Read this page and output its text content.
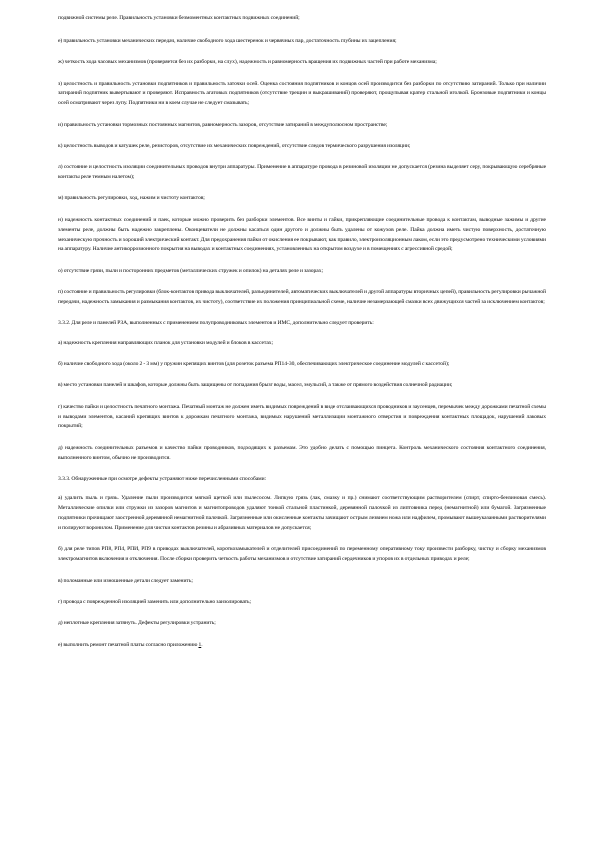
подвижной системы реле. Правильность установки безмоментных контактных подвижных соединений;

е) правильность установки механических передач, наличие свободного хода шестеренок и червячных пар, достаточность глубины их зацепления;

ж) четкость хода часовых механизмов (проверяется без их разборки, на слух), надежность и равномерность вращения их подвижных частей при работе механизма;

з) целостность и правильность установки подпятников и правильность заточки осей. Оценка состояния подпятников и концов осей производится без разборки по отсутствию затираний. Только при наличии затираний подпятник вывертывают и проверяют. Исправность агатовых подпятников (отсутствие трещин и выкрашиваний) проверяют, прощупывая кратер стальной иголкой. Бронзовые подпятники и концы осей осматривают через лупу. Подпятники ни в коем случае не следует смазывать;

и) правильность установки тормозных постоянных магнитов, равномерность зазоров, отсутствие затираний в междуполюсном пространстве;

к) целостность выводов и катушек реле, резисторов, отсутствие их механических повреждений, отсутствие следов термического разрушения изоляции;

л) состояние и целостность изоляции соединительных проводов внутри аппаратуры. Применение в аппаратуре провода в резиновой изоляции не допускается (резина выделяет серу, покрывающую серебряные контакты реле темным налетом);

м) правильность регулировки, ход, нажим и чистоту контактов;

н) надежность контактных соединений и паек, которые можно проверить без разборки элементов. Все винты и гайки, прикрепляющие соединительные провода к контактам, выводные зажимы и другие элементы реле, должны быть надежно закреплены. Оконцеватели не должны касаться один другого и должны быть удалены от кожухов реле. Пайка должна иметь чистую поверхность, достаточную механическую прочность и хороший электрический контакт. Для предохранения пайки от окисления ее покрывают, как правило, электроизоляционным лаком, если это предусмотрено техническими условиями на аппаратуру. Наличие антикоррозионного покрытия на выводах и контактных соединениях, установленных на открытом воздухе и в помещениях с агрессивной средой;

о) отсутствие грязи, пыли и посторонних предметов (металлических стружек и опилок) на деталях реле и зазорах;

п) состояние и правильность регулировки (блок-контактов привода выключателей, разъединителей, автоматических выключателей и другой аппаратуры вторичных цепей), правильность регулировки рычажной передачи, надежность замыкания и размыкания контактов, их чистоту), соответствие их положения принципиальной схеме, наличие незамерзающей смазки всех движущихся частей за исключением контактов;

3.3.2. Для реле и панелей РЗА, выполненных с применением полупроводниковых элементов и ИМС, дополнительно следует проверить:

а) надежность крепления направляющих планок для установки модулей и блоков в кассетах;

б) наличие свободного хода (около 2 - 3 мм) у пружин крепящих винтов (для розеток разъема РП14-30, обеспечивающих электрическое соединение модулей с кассетой);

в) место установки панелей и шкафов, которые должны быть защищены от попадания брызг воды, масел, эмульсий, а также от прямого воздействия солнечной радиации;

г) качество пайки и целостность печатного монтажа. Печатный монтаж не должен иметь видимых повреждений в виде отслаивающихся проводников и заусенцев, перемычек между дорожками печатной схемы и выводами элементов, касаний крепящих винтов к дорожкам печатного монтажа, видимых нарушений металлизации монтажного отверстия и повреждения контактных площадок, нарушений лаковых покрытий;

д) надежность соединительных разъемов и качество пайки проводников, подходящих к разъемам. Это удобно делать с помощью пинцета. Контроль механического состояния контактного соединения, выполненного винтом, обычно не производится.

3.3.3. Обнаруженные при осмотре дефекты устраняют ниже перечисленными способами:

а) удалить пыль и грязь. Удаление пыли производится мягкой щеткой или пылесосом. Липкую грязь (лак, смазку и пр.) снимают соответствующим растворителем (спирт, спирто-бензиновая смесь). Металлические опилки или стружки из зазоров магнитов и магнитопроводов удаляют тонкой стальной пластинкой, деревянной палочкой из липтовника перед (немагнитной) или бумагой. Загрязненные подпятники прочищают заостренной деревянной немагнитной палочкой. Загрязненные или окисленные контакты зачищают острым лезвием ножа или надфилем, промывают вышеуказанными растворителями и полируют воронилом. Применение для чистки контактов резины и абразивных материалов не допускается;

б) для реле типов РП8, РП4, РПИ, РП9 в приводах выключателей, короткозамыкателей и отделителей присоединений по переменному оперативному току произвести разборку, чистку и сборку механизмов электромагнитов включения и отключения. После сборки проверить четкость работы механизмов и отсутствие затираний сердечников и упоров их в отдельных приводах и реле;

в) поломанные или изношенные детали следует заменить;

г) провода с поврежденной изоляцией заменить или дополнительно заизолировать;

д) неплотные крепления затянуть. Дефекты регулировки устранить;

е) выполнить ремонт печатной платы согласно приложению 1.
